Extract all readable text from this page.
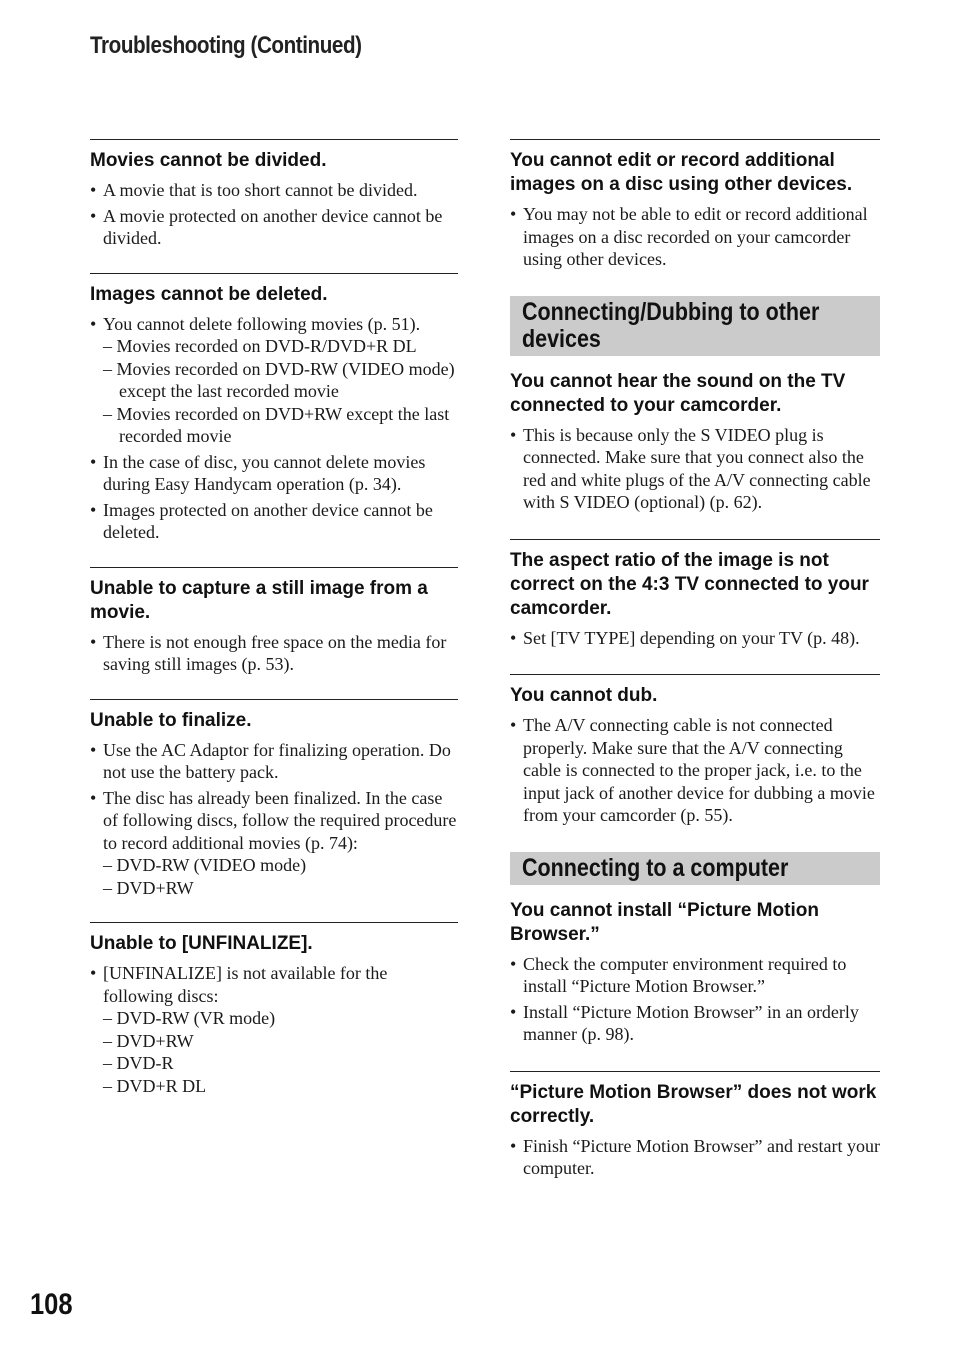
Troubleshooting (Continued)
Movies cannot be divided.
• A movie that is too short cannot be divided.
• A movie protected on another device cannot be divided.
Images cannot be deleted.
• You cannot delete following movies (p. 51).
– Movies recorded on DVD-R/DVD+R DL
– Movies recorded on DVD-RW (VIDEO mode) except the last recorded movie
– Movies recorded on DVD+RW except the last recorded movie
• In the case of disc, you cannot delete movies during Easy Handycam operation (p. 34).
• Images protected on another device cannot be deleted.
Unable to capture a still image from a movie.
• There is not enough free space on the media for saving still images (p. 53).
Unable to finalize.
• Use the AC Adaptor for finalizing operation. Do not use the battery pack.
• The disc has already been finalized. In the case of following discs, follow the required procedure to record additional movies (p. 74):
– DVD-RW (VIDEO mode)
– DVD+RW
Unable to [UNFINALIZE].
• [UNFINALIZE] is not available for the following discs:
– DVD-RW (VR mode)
– DVD+RW
– DVD-R
– DVD+R DL
You cannot edit or record additional images on a disc using other devices.
• You may not be able to edit or record additional images on a disc recorded on your camcorder using other devices.
Connecting/Dubbing to other devices
You cannot hear the sound on the TV connected to your camcorder.
• This is because only the S VIDEO plug is connected. Make sure that you connect also the red and white plugs of the A/V connecting cable with S VIDEO (optional) (p. 62).
The aspect ratio of the image is not correct on the 4:3 TV connected to your camcorder.
• Set [TV TYPE] depending on your TV (p. 48).
You cannot dub.
• The A/V connecting cable is not connected properly. Make sure that the A/V connecting cable is connected to the proper jack, i.e. to the input jack of another device for dubbing a movie from your camcorder (p. 55).
Connecting to a computer
You cannot install “Picture Motion Browser.”
• Check the computer environment required to install “Picture Motion Browser.”
• Install “Picture Motion Browser” in an orderly manner (p. 98).
“Picture Motion Browser” does not work correctly.
• Finish “Picture Motion Browser” and restart your computer.
108
